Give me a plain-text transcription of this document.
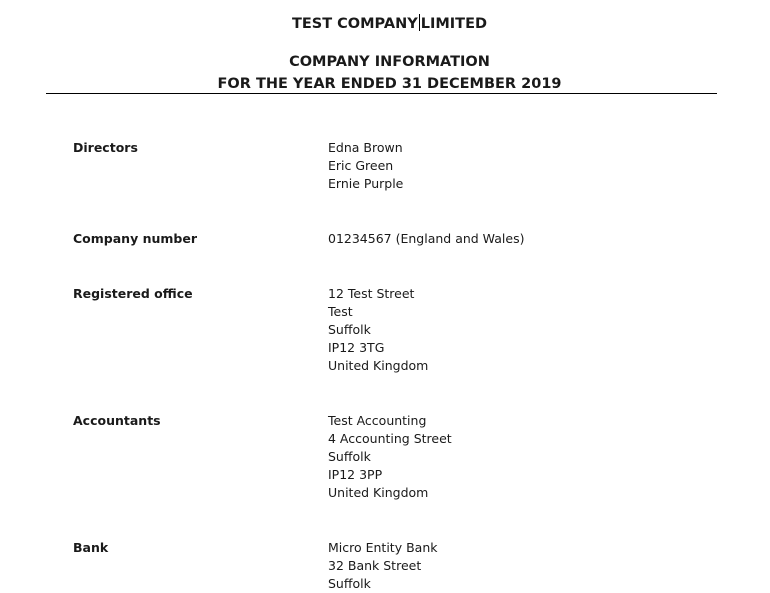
TEST COMPANY LIMITED
COMPANY INFORMATION
FOR THE YEAR ENDED 31 DECEMBER 2019
Directors	Edna Brown
Eric Green
Ernie Purple
Company number	01234567 (England and Wales)
Registered office	12 Test Street
Test
Suffolk
IP12 3TG
United Kingdom
Accountants	Test Accounting
4 Accounting Street
Suffolk
IP12 3PP
United Kingdom
Bank	Micro Entity Bank
32 Bank Street
Suffolk
